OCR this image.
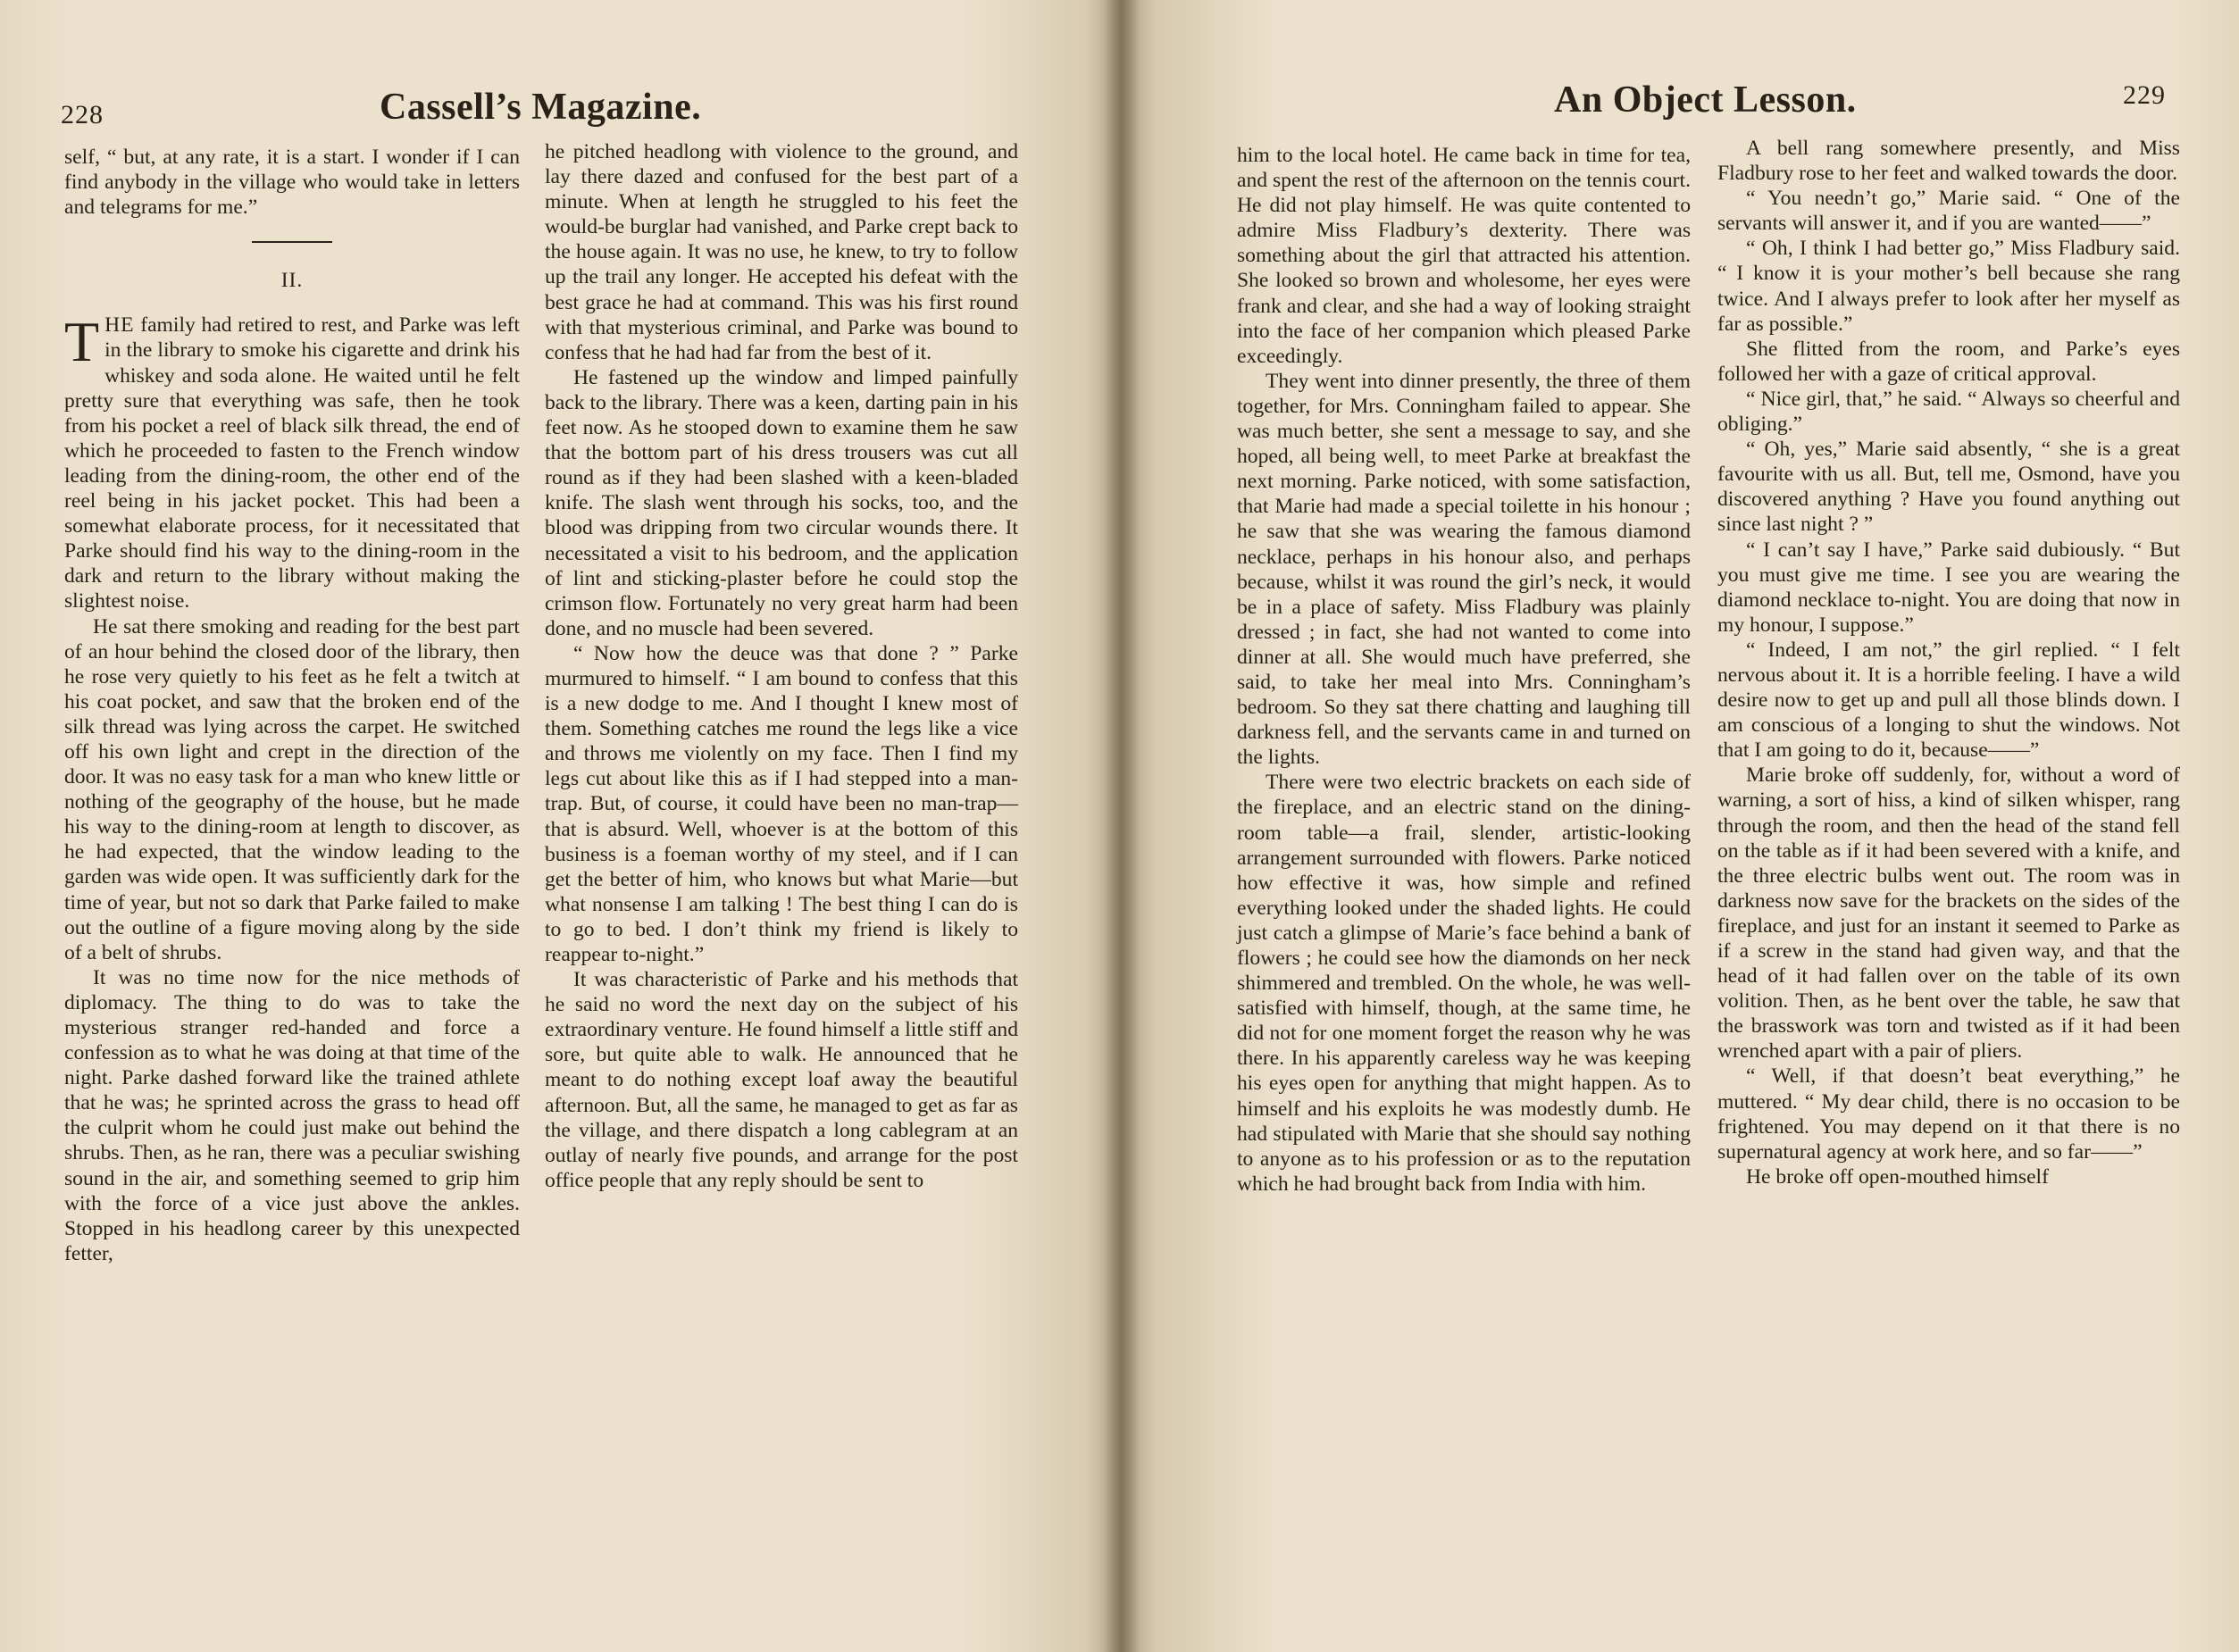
228	Cassell’s Magazine.

self, “ but, at any rate, it is a start. I wonder if I can find anybody in the village who would take in letters and telegrams for me.”

II.

THE family had retired to rest, and Parke was left in the library to smoke his cigarette and drink his whiskey and soda alone. He waited until he felt pretty sure that everything was safe, then he took from his pocket a reel of black silk thread, the end of which he proceeded to fasten to the French window leading from the dining-room, the other end of the reel being in his jacket pocket. This had been a somewhat elaborate process, for it necessitated that Parke should find his way to the dining-room in the dark and return to the library without making the slightest noise.

He sat there smoking and reading for the best part of an hour behind the closed door of the library, then he rose very quietly to his feet as he felt a twitch at his coat pocket, and saw that the broken end of the silk thread was lying across the carpet. He switched off his own light and crept in the direction of the door. It was no easy task for a man who knew little or nothing of the geography of the house, but he made his way to the dining-room at length to discover, as he had expected, that the window leading to the garden was wide open. It was sufficiently dark for the time of year, but not so dark that Parke failed to make out the outline of a figure moving along by the side of a belt of shrubs.

It was no time now for the nice methods of diplomacy. The thing to do was to take the mysterious stranger red-handed and force a confession as to what he was doing at that time of the night. Parke dashed forward like the trained athlete that he was; he sprinted across the grass to head off the culprit whom he could just make out behind the shrubs. Then, as he ran, there was a peculiar swishing sound in the air, and something seemed to grip him with the force of a vice just above the ankles. Stopped in his headlong career by this unexpected fetter,

he pitched headlong with violence to the ground, and lay there dazed and confused for the best part of a minute. When at length he struggled to his feet the would-be burglar had vanished, and Parke crept back to the house again. It was no use, he knew, to try to follow up the trail any longer. He accepted his defeat with the best grace he had at command. This was his first round with that mysterious criminal, and Parke was bound to confess that he had had far from the best of it.

He fastened up the window and limped painfully back to the library. There was a keen, darting pain in his feet now. As he stooped down to examine them he saw that the bottom part of his dress trousers was cut all round as if they had been slashed with a keen-bladed knife. The slash went through his socks, too, and the blood was dripping from two circular wounds there. It necessitated a visit to his bedroom, and the application of lint and sticking-plaster before he could stop the crimson flow. Fortunately no very great harm had been done, and no muscle had been severed.

“ Now how the deuce was that done ? ” Parke murmured to himself. “ I am bound to confess that this is a new dodge to me. And I thought I knew most of them. Something catches me round the legs like a vice and throws me violently on my face. Then I find my legs cut about like this as if I had stepped into a man-trap. But, of course, it could have been no man-trap—that is absurd. Well, whoever is at the bottom of this business is a foeman worthy of my steel, and if I can get the better of him, who knows but what Marie—but what nonsense I am talking ! The best thing I can do is to go to bed. I don’t think my friend is likely to reappear to-night.”

It was characteristic of Parke and his methods that he said no word the next day on the subject of his extraordinary venture. He found himself a little stiff and sore, but quite able to walk. He announced that he meant to do nothing except loaf away the beautiful afternoon. But, all the same, he managed to get as far as the village, and there dispatch a long cablegram at an outlay of nearly five pounds, and arrange for the post office people that any reply should be sent to

An Object Lesson.	229

him to the local hotel. He came back in time for tea, and spent the rest of the afternoon on the tennis court. He did not play himself. He was quite contented to admire Miss Fladbury’s dexterity. There was something about the girl that attracted his attention. She looked so brown and wholesome, her eyes were frank and clear, and she had a way of looking straight into the face of her companion which pleased Parke exceedingly.

They went into dinner presently, the three of them together, for Mrs. Conningham failed to appear. She was much better, she sent a message to say, and she hoped, all being well, to meet Parke at breakfast the next morning. Parke noticed, with some satisfaction, that Marie had made a special toilette in his honour ; he saw that she was wearing the famous diamond necklace, perhaps in his honour also, and perhaps because, whilst it was round the girl’s neck, it would be in a place of safety. Miss Fladbury was plainly dressed ; in fact, she had not wanted to come into dinner at all. She would much have preferred, she said, to take her meal into Mrs. Conningham’s bedroom. So they sat there chatting and laughing till darkness fell, and the servants came in and turned on the lights.

There were two electric brackets on each side of the fireplace, and an electric stand on the dining-room table—a frail, slender, artistic-looking arrangement surrounded with flowers. Parke noticed how effective it was, how simple and refined everything looked under the shaded lights. He could just catch a glimpse of Marie’s face behind a bank of flowers ; he could see how the diamonds on her neck shimmered and trembled. On the whole, he was well-satisfied with himself, though, at the same time, he did not for one moment forget the reason why he was there. In his apparently careless way he was keeping his eyes open for anything that might happen. As to himself and his exploits he was modestly dumb. He had stipulated with Marie that she should say nothing to anyone as to his profession or as to the reputation which he had brought back from India with him.

A bell rang somewhere presently, and Miss Fladbury rose to her feet and walked towards the door.

“ You needn’t go,” Marie said. “ One of the servants will answer it, and if you are wanted——”

“ Oh, I think I had better go,” Miss Fladbury said. “ I know it is your mother’s bell because she rang twice. And I always prefer to look after her myself as far as possible.”

She flitted from the room, and Parke’s eyes followed her with a gaze of critical approval.

“ Nice girl, that,” he said. “ Always so cheerful and obliging.”

“ Oh, yes,” Marie said absently, “ she is a great favourite with us all. But, tell me, Osmond, have you discovered anything ? Have you found anything out since last night ? ”

“ I can’t say I have,” Parke said dubiously. “ But you must give me time. I see you are wearing the diamond necklace to-night. You are doing that now in my honour, I suppose.”

“ Indeed, I am not,” the girl replied. “ I felt nervous about it. It is a horrible feeling. I have a wild desire now to get up and pull all those blinds down. I am conscious of a longing to shut the windows. Not that I am going to do it, because——”

Marie broke off suddenly, for, without a word of warning, a sort of hiss, a kind of silken whisper, rang through the room, and then the head of the stand fell on the table as if it had been severed with a knife, and the three electric bulbs went out. The room was in darkness now save for the brackets on the sides of the fireplace, and just for an instant it seemed to Parke as if a screw in the stand had given way, and that the head of it had fallen over on the table of its own volition. Then, as he bent over the table, he saw that the brasswork was torn and twisted as if it had been wrenched apart with a pair of pliers.

“ Well, if that doesn’t beat everything,” he muttered. “ My dear child, there is no occasion to be frightened. You may depend on it that there is no supernatural agency at work here, and so far——”

He broke off open-mouthed himself
